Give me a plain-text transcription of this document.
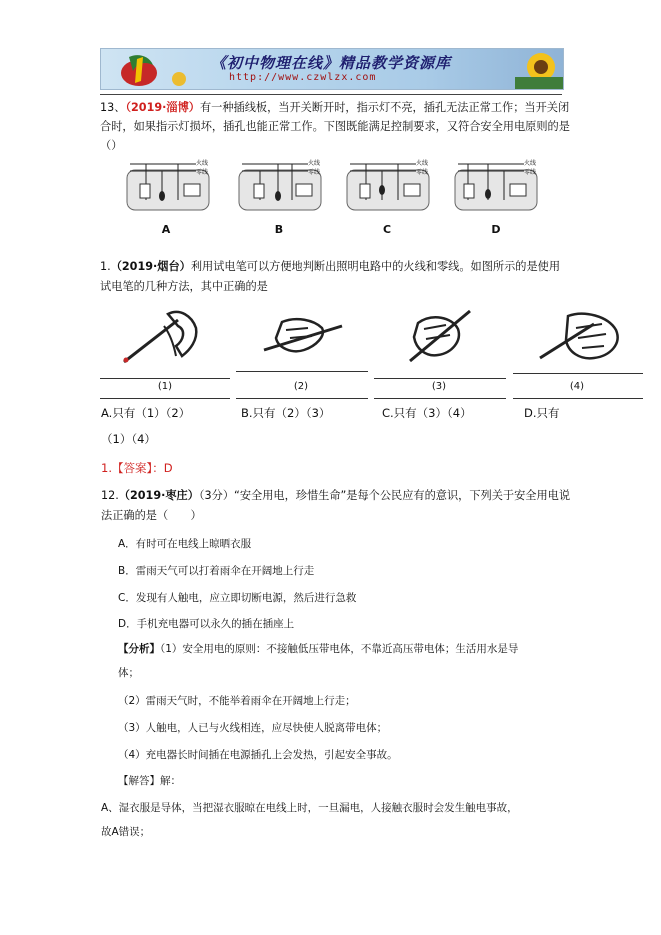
《初中物理在线》精品教学资源库
http://www.czwlzx.com
13、（2019·淄博）有一种插线板，当开关断开时，指示灯不亮，插孔无法正常工作；当开关闭合时，如果指示灯损坏，插孔也能正常工作。下图既能满足控制要求，又符合安全用电原则的是（）
火线
零线
火线
零线
火线
零线
火线
零线
A	B	C	D
1.（2019·烟台）利用试电笔可以方便地判断出照明电路中的火线和零线。如图所示的是使用试电笔的几种方法，其中正确的是
(1)	(2)	(3)	(4)
A.只有（1）（2）	B.只有（2）（3）	C.只有（3）（4）	D.只有
（1）（4）
1.【答案】：D
12.（2019·枣庄）（3分）“安全用电，珍惜生命”是每个公民应有的意识，下列关于安全用电说法正确的是（　　）
A．有时可在电线上晾晒衣服
B．雷雨天气可以打着雨伞在开阔地上行走
C．发现有人触电，应立即切断电源，然后进行急救
D．手机充电器可以永久的插在插座上
【分析】（1）安全用电的原则：不接触低压带电体，不靠近高压带电体；生活用水是导
体；
（2）雷雨天气时，不能举着雨伞在开阔地上行走；
（3）人触电，人已与火线相连，应尽快使人脱离带电体；
（4）充电器长时间插在电源插孔上会发热，引起安全事故。
【解答】解：
A、湿衣服是导体，当把湿衣服晾在电线上时，一旦漏电，人接触衣服时会发生触电事故，
故A错误；
